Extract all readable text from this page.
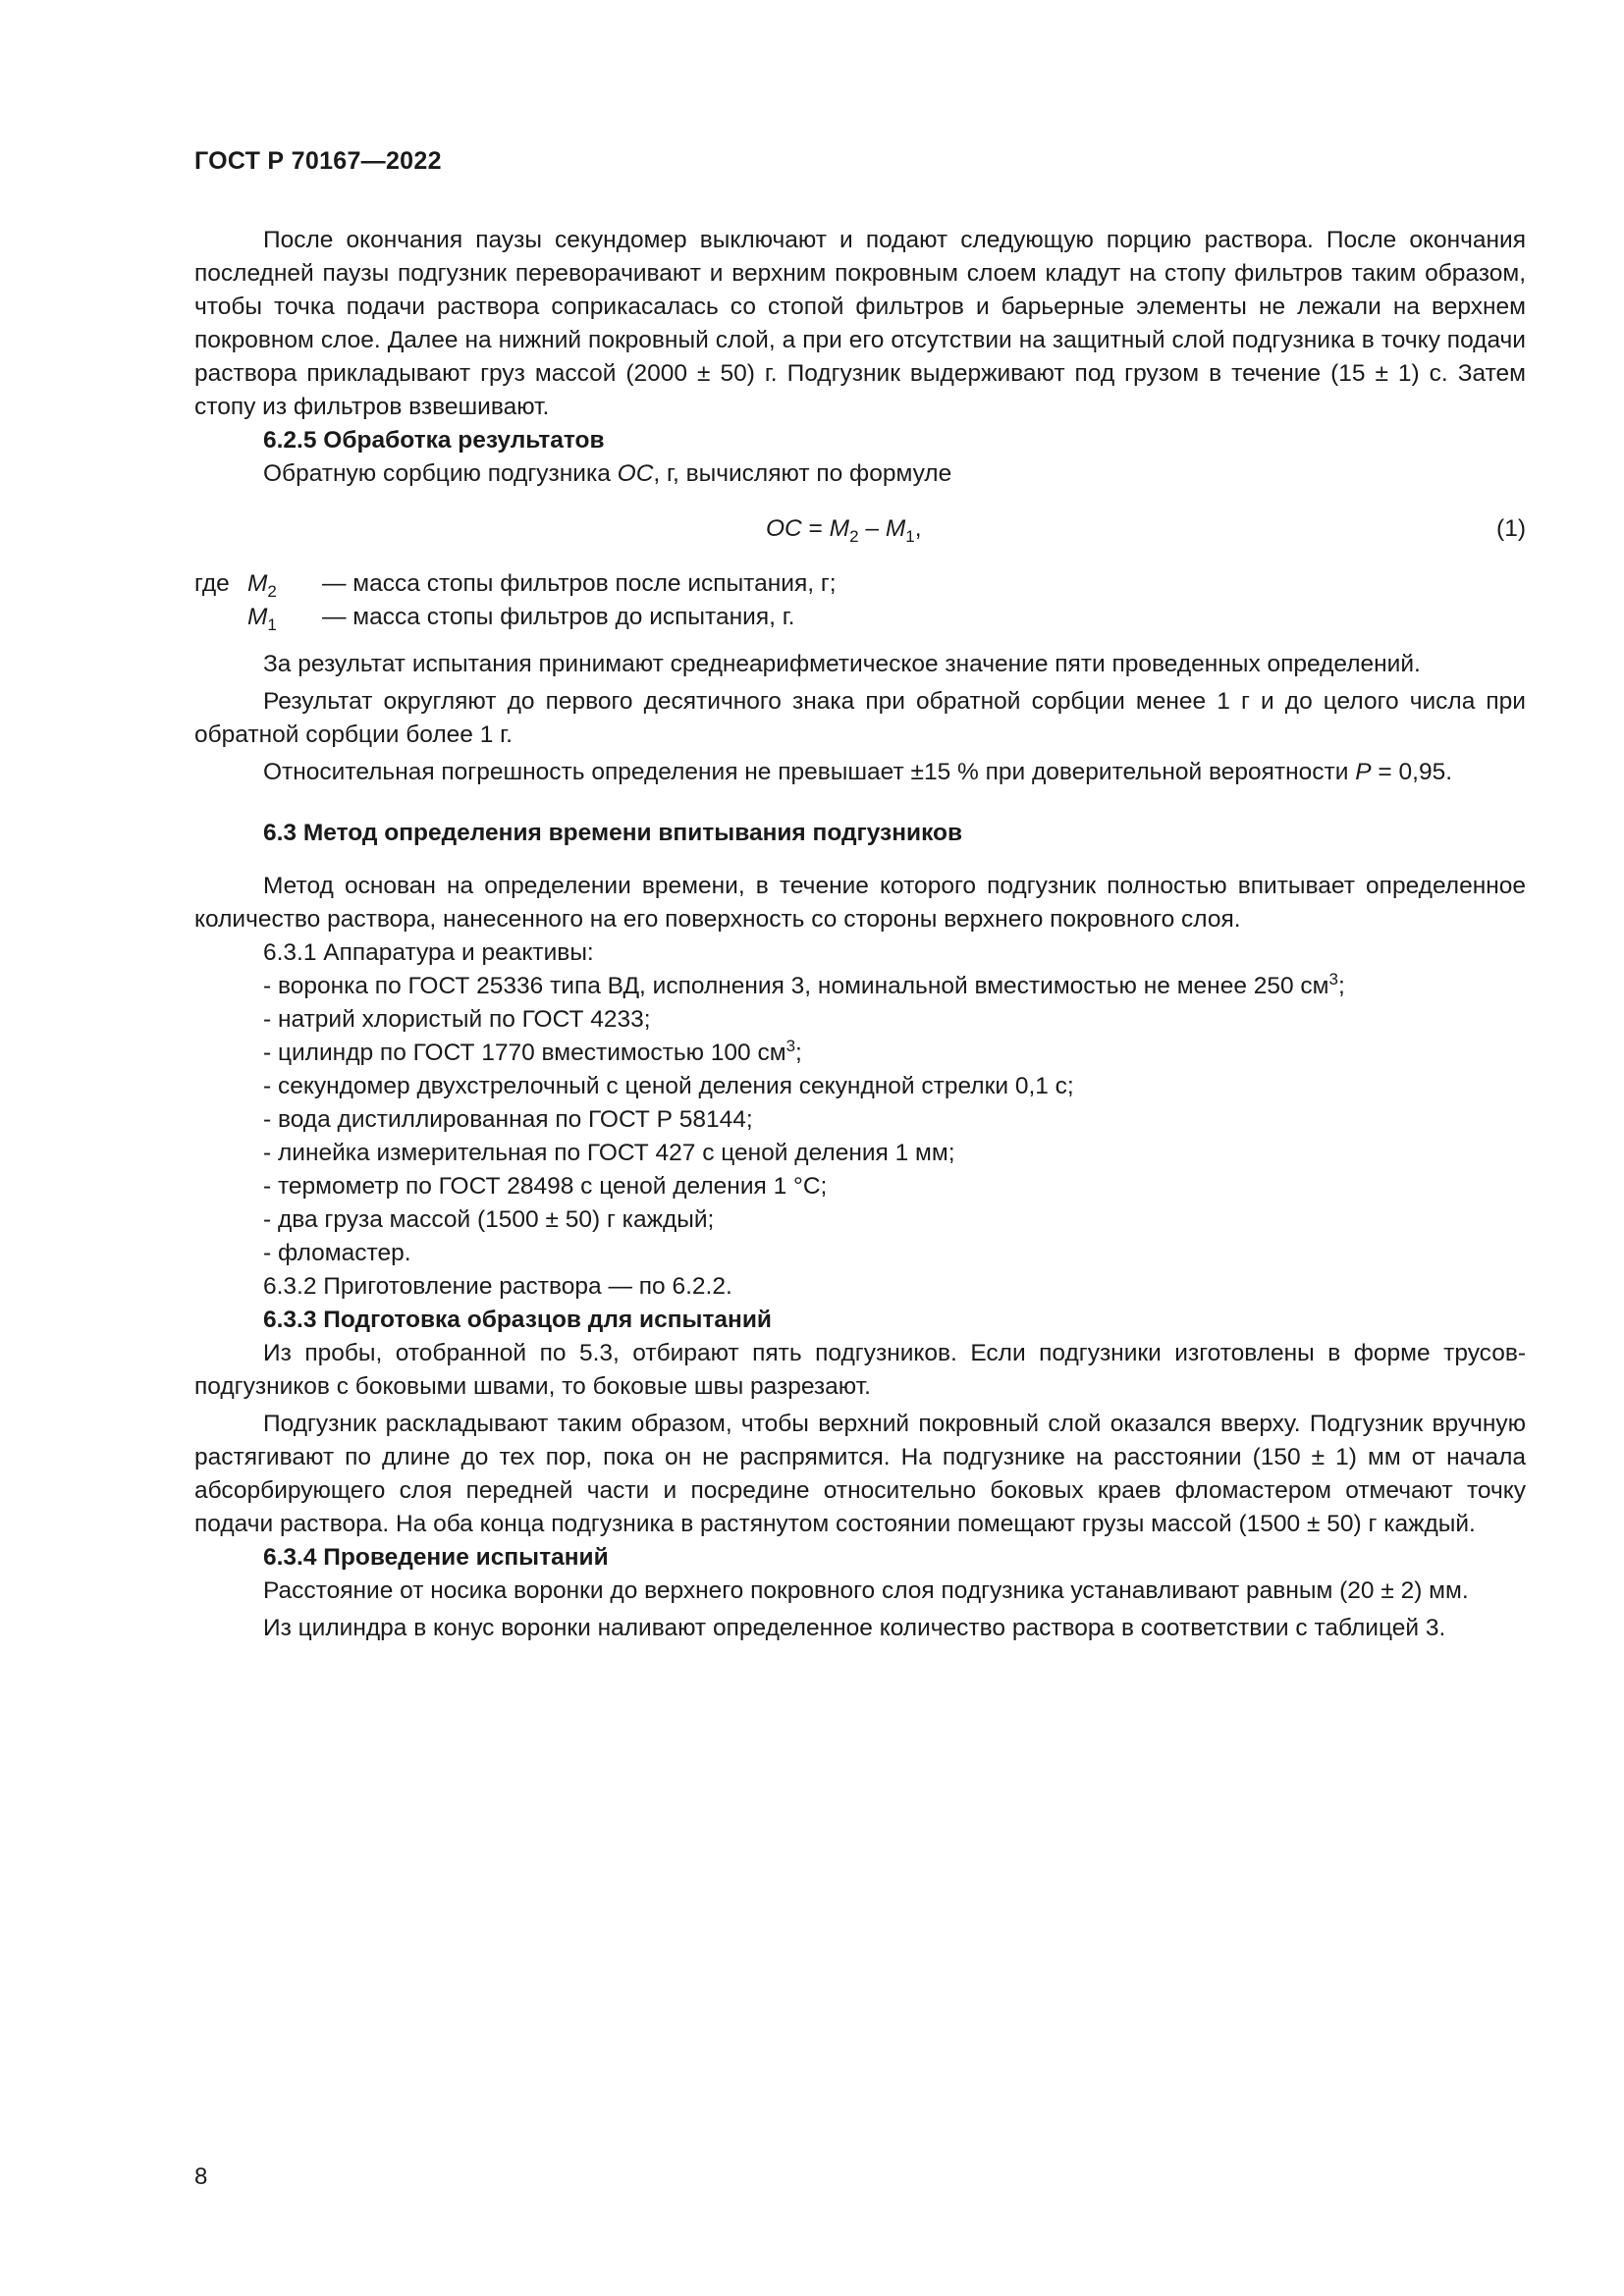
ГОСТ Р 70167—2022

После окончания паузы секундомер выключают и подают следующую порцию раствора. После окончания последней паузы подгузник переворачивают и верхним покровным слоем кладут на стопу фильтров таким образом, чтобы точка подачи раствора соприкасалась со стопой фильтров и барьерные элементы не лежали на верхнем покровном слое. Далее на нижний покровный слой, а при его отсутствии на защитный слой подгузника в точку подачи раствора прикладывают груз массой (2000 ± 50) г. Подгузник выдерживают под грузом в течение (15 ± 1) с. Затем стопу из фильтров взвешивают.

6.2.5 Обработка результатов

Обратную сорбцию подгузника ОС, г, вычисляют по формуле

ОС = $М_2 - М_1$,	(1)
где $М_2$ — масса стопы фильтров после испытания, г;
$М_1$ — масса стопы фильтров до испытания, г.

За результат испытания принимают среднеарифметическое значение пяти проведенных определений.

Результат округляют до первого десятичного знака при обратной сорбции менее 1 г и до целого числа при обратной сорбции более 1 г.

Относительная погрешность определения не превышает ±15 % при доверительной вероятности Р = 0,95.

6.3 Метод определения времени впитывания подгузников

Метод основан на определении времени, в течение которого подгузник полностью впитывает определенное количество раствора, нанесенного на его поверхность со стороны верхнего покровного слоя.

6.3.1 Аппаратура и реактивы:

- воронка по ГОСТ 25336 типа ВД, исполнения 3, номинальной вместимостью не менее 250 $см^3$;

- натрий хлористый по ГОСТ 4233;

- цилиндр по ГОСТ 1770 вместимостью 100 $см^3$;

- секундомер двухстрелочный с ценой деления секундной стрелки 0,1 с;

- вода дистиллированная по ГОСТ Р 58144;

- линейка измерительная по ГОСТ 427 с ценой деления 1 мм;

- термометр по ГОСТ 28498 с ценой деления 1 °С;

- два груза массой (1500 ± 50) г каждый;

- фломастер.

6.3.2 Приготовление раствора — по 6.2.2.

6.3.3 Подготовка образцов для испытаний

Из пробы, отобранной по 5.3, отбирают пять подгузников. Если подгузники изготовлены в форме трусов-подгузников с боковыми швами, то боковые швы разрезают.

Подгузник раскладывают таким образом, чтобы верхний покровный слой оказался вверху. Подгузник вручную растягивают по длине до тех пор, пока он не распрямится. На подгузнике на расстоянии (150 ± 1) мм от начала абсорбирующего слоя передней части и посредине относительно боковых краев фломастером отмечают точку подачи раствора. На оба конца подгузника в растянутом состоянии помещают грузы массой (1500 ± 50) г каждый.

6.3.4 Проведение испытаний

Расстояние от носика воронки до верхнего покровного слоя подгузника устанавливают равным (20 ± 2) мм.

Из цилиндра в конус воронки наливают определенное количество раствора в соответствии с таблицей 3.

8
